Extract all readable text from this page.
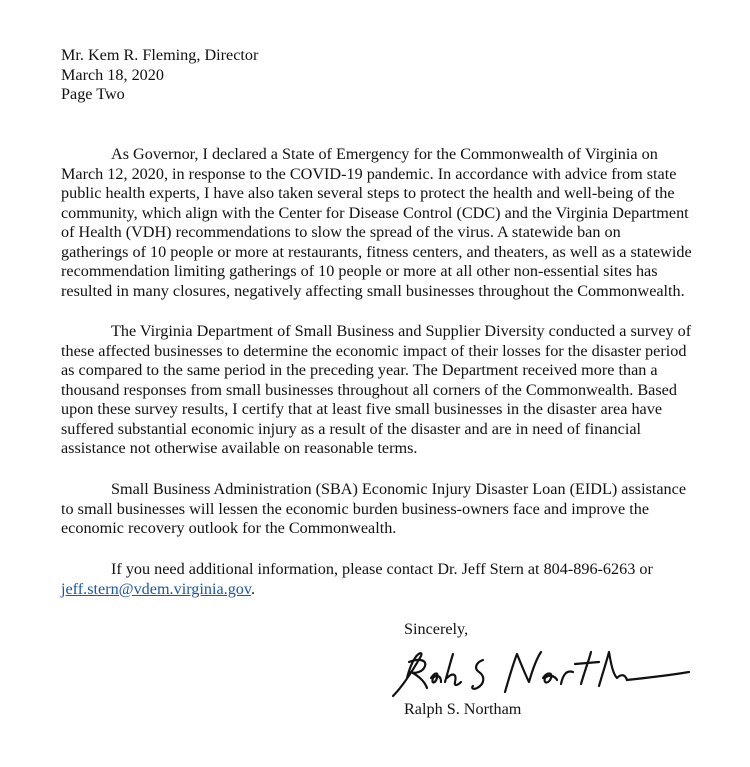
Mr. Kem R. Fleming, Director
March 18, 2020
Page Two
As Governor, I declared a State of Emergency for the Commonwealth of Virginia on
March 12, 2020, in response to the COVID-19 pandemic. In accordance with advice from state
public health experts, I have also taken several steps to protect the health and well-being of the
community, which align with the Center for Disease Control (CDC) and the Virginia Department
of Health (VDH) recommendations to slow the spread of the virus. A statewide ban on
gatherings of 10 people or more at restaurants, fitness centers, and theaters, as well as a statewide
recommendation limiting gatherings of 10 people or more at all other non-essential sites has
resulted in many closures, negatively affecting small businesses throughout the Commonwealth.
The Virginia Department of Small Business and Supplier Diversity conducted a survey of
these affected businesses to determine the economic impact of their losses for the disaster period
as compared to the same period in the preceding year. The Department received more than a
thousand responses from small businesses throughout all corners of the Commonwealth. Based
upon these survey results, I certify that at least five small businesses in the disaster area have
suffered substantial economic injury as a result of the disaster and are in need of financial
assistance not otherwise available on reasonable terms.
Small Business Administration (SBA) Economic Injury Disaster Loan (EIDL) assistance
to small businesses will lessen the economic burden business-owners face and improve the
economic recovery outlook for the Commonwealth.
If you need additional information, please contact Dr. Jeff Stern at 804-896-6263 or
jeff.stern@vdem.virginia.gov.
Sincerely,
Ralph S. Northam
